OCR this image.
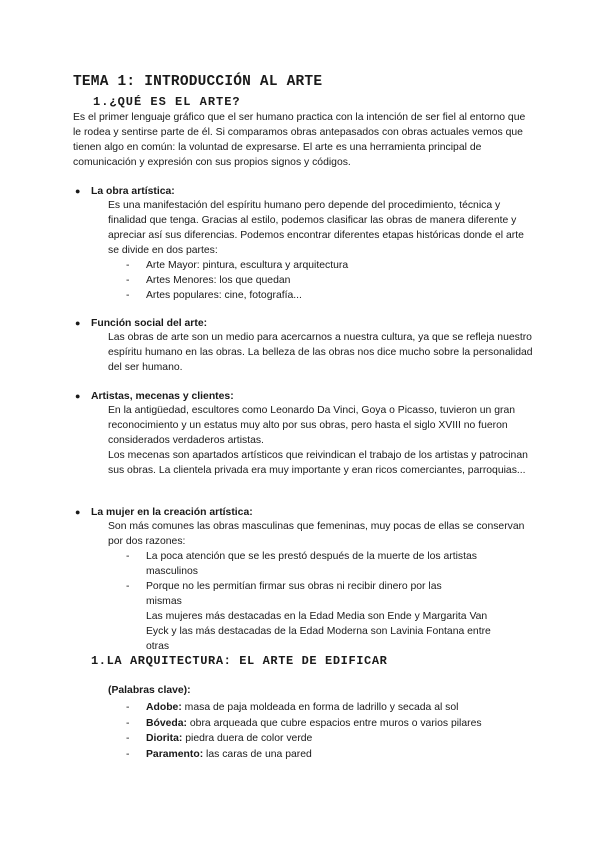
TEMA 1: INTRODUCCIÓN AL ARTE
1.¿QUÉ ES EL ARTE?
Es el primer lenguaje gráfico que el ser humano practica con la intención de ser fiel al entorno que le rodea y sentirse parte de él. Si comparamos obras antepasados con obras actuales vemos que tienen algo en común: la voluntad de expresarse. El arte es una herramienta principal de comunicación y expresión con sus propios signos y códigos.
● La obra artística:
Es una manifestación del espíritu humano pero depende del procedimiento, técnica y finalidad que tenga. Gracias al estilo, podemos clasificar las obras de manera diferente y apreciar así sus diferencias. Podemos encontrar diferentes etapas históricas donde el arte se divide en dos partes:
- Arte Mayor: pintura, escultura y arquitectura
- Artes Menores: los que quedan
- Artes populares: cine, fotografía...
● Función social del arte:
Las obras de arte son un medio para acercarnos a nuestra cultura, ya que se refleja nuestro espíritu humano en las obras. La belleza de las obras nos dice mucho sobre la personalidad del ser humano.
● Artistas, mecenas y clientes:
En la antigüedad, escultores como Leonardo Da Vinci, Goya o Picasso, tuvieron un gran reconocimiento y un estatus muy alto por sus obras, pero hasta el siglo XVIII no fueron considerados verdaderos artistas.
Los mecenas son apartados artísticos que reivindican el trabajo de los artistas y patrocinan sus obras. La clientela privada era muy importante y eran ricos comerciantes, parroquias...
● La mujer en la creación artística:
Son más comunes las obras masculinas que femeninas, muy pocas de ellas se conservan por dos razones:
- La poca atención que se les prestó después de la muerte de los artistas masculinos
- Porque no les permitían firmar sus obras ni recibir dinero por las mismas
Las mujeres más destacadas en la Edad Media son Ende y Margarita Van Eyck y las más destacadas de la Edad Moderna son Lavinia Fontana entre otras
1.LA ARQUITECTURA: EL ARTE DE EDIFICAR
(Palabras clave):
- Adobe: masa de paja moldeada en forma de ladrillo y secada al sol
- Bóveda: obra arqueada que cubre espacios entre muros o varios pilares
- Diorita: piedra duera de color verde
- Paramento: las caras de una pared
